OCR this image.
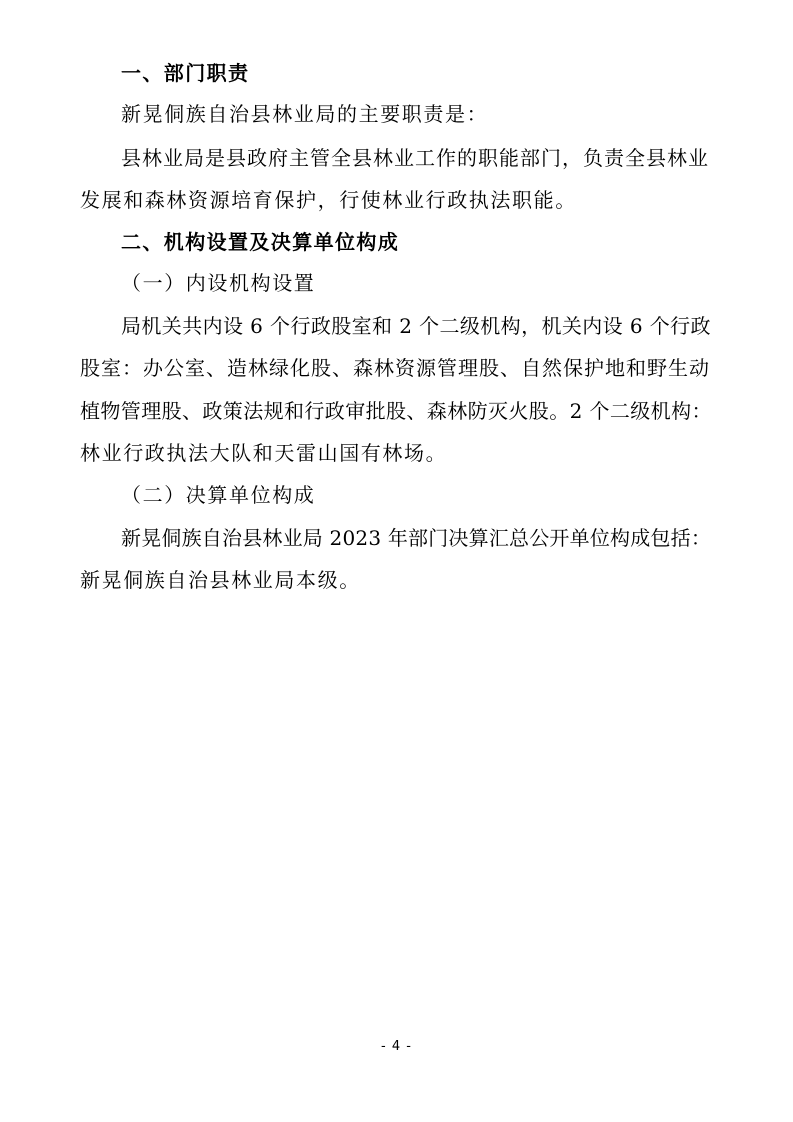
一、部门职责
新晃侗族自治县林业局的主要职责是：
县林业局是县政府主管全县林业工作的职能部门，负责全县林业
发展和森林资源培育保护，行使林业行政执法职能。
二、机构设置及决算单位构成
（一）内设机构设置
局机关共内设 6 个行政股室和 2 个二级机构，机关内设 6 个行政
股室：办公室、造林绿化股、森林资源管理股、自然保护地和野生动
植物管理股、政策法规和行政审批股、森林防灭火股。2 个二级机构：
林业行政执法大队和天雷山国有林场。
（二）决算单位构成
新晃侗族自治县林业局 2023 年部门决算汇总公开单位构成包括：
新晃侗族自治县林业局本级。
- 4 -
